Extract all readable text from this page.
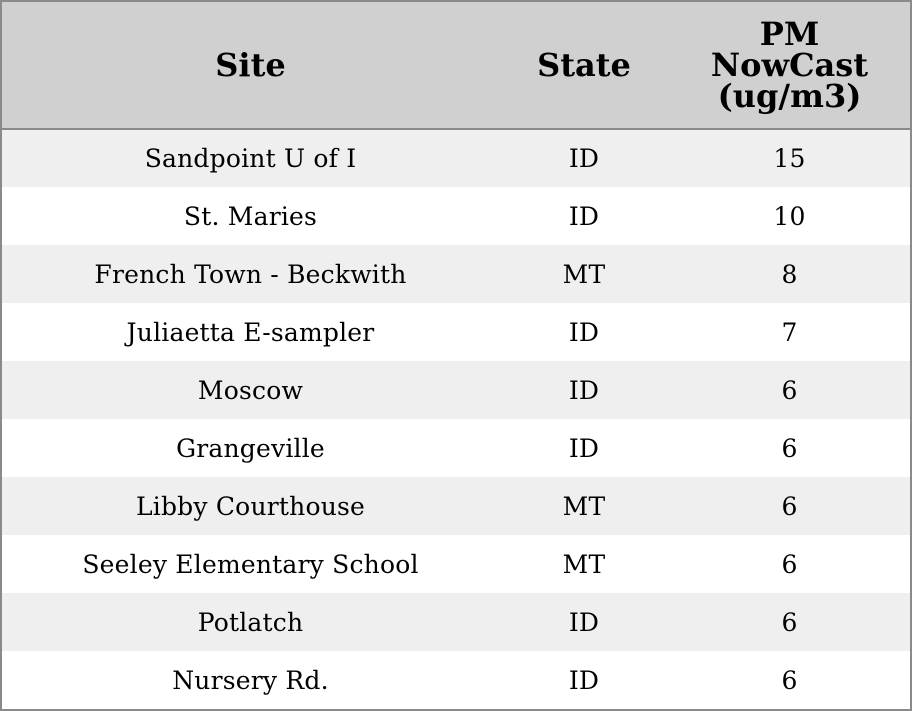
Site	State	PM
NowCast
(ug/m3)
Sandpoint U of I	ID	15
St. Maries	ID	10
French Town - Beckwith	MT	8
Juliaetta E-sampler	ID	7
Moscow	ID	6
Grangeville	ID	6
Libby Courthouse	MT	6
Seeley Elementary School	MT	6
Potlatch	ID	6
Nursery Rd.	ID	6
